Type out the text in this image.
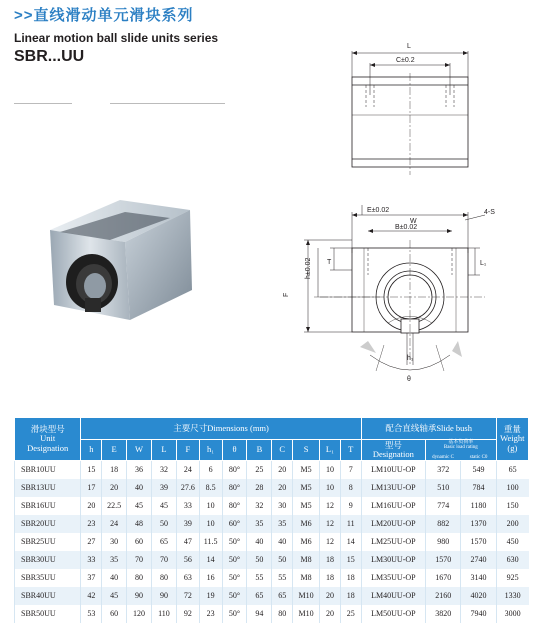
>>直线滑动单元滑块系列
Linear motion ball slide units series
SBR...UU
L
C±0.2
E±0.02
W
B±0.02
4-S
T	L₁
h±0.02
F
h₁
θ
滑块型号
Unit
Designation	主要尺寸Dimensions (mm)												配合直线轴承Slide bush			重量
Weight
(g)
	h	E	W	L	F	h₁	θ	B	C	S	L₁	T	型号
Designation	基本负荷率
Basic load rating
dynamic C static C0		
SBR10UU	15	18	36	32	24	6	80°	25	20	M5	10	7	LM10UU-OP	372	549	65
SBR13UU	17	20	40	39	27.6	8.5	80°	28	20	M5	10	8	LM13UU-OP	510	784	100
SBR16UU	20	22.5	45	45	33	10	80°	32	30	M5	12	9	LM16UU-OP	774	1180	150
SBR20UU	23	24	48	50	39	10	60°	35	35	M6	12	11	LM20UU-OP	882	1370	200
SBR25UU	27	30	60	65	47	11.5	50°	40	40	M6	12	14	LM25UU-OP	980	1570	450
SBR30UU	33	35	70	70	56	14	50°	50	50	M8	18	15	LM30UU-OP	1570	2740	630
SBR35UU	37	40	80	80	63	16	50°	55	55	M8	18	18	LM35UU-OP	1670	3140	925
SBR40UU	42	45	90	90	72	19	50°	65	65	M10	20	18	LM40UU-OP	2160	4020	1330
SBR50UU	53	60	120	110	92	23	50°	94	80	M10	20	25	LM50UU-OP	3820	7940	3000
